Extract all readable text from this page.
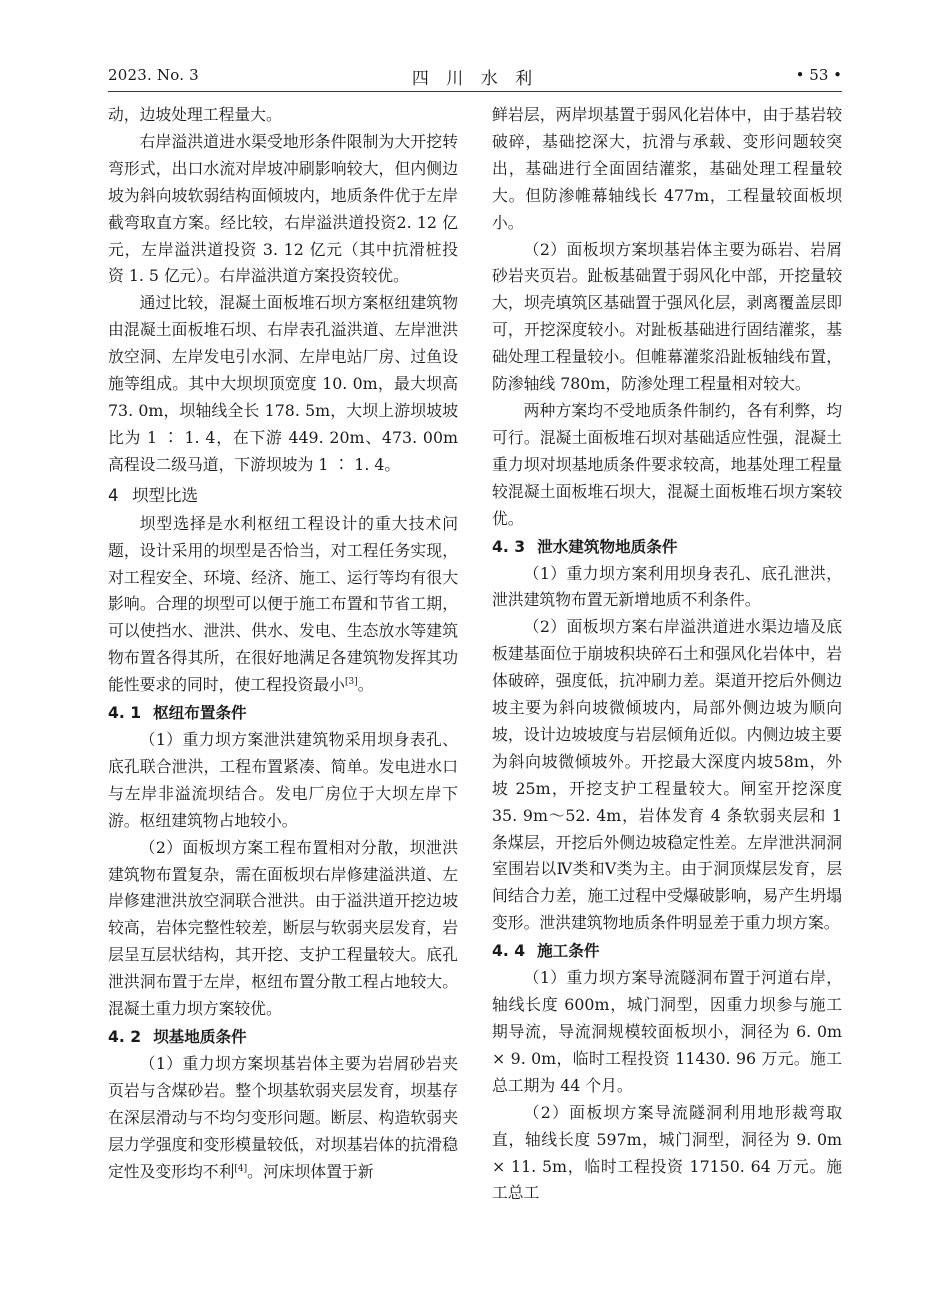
2023. No. 3	四 川 水 利	• 53 •

动，边坡处理工程量大。

右岸溢洪道进水渠受地形条件限制为大开挖转弯形式，出口水流对岸坡冲刷影响较大，但内侧边坡为斜向坡软弱结构面倾坡内，地质条件优于左岸截弯取直方案。经比较，右岸溢洪道投资2. 12 亿元，左岸溢洪道投资 3. 12 亿元（其中抗滑桩投资 1. 5 亿元）。右岸溢洪道方案投资较优。

通过比较，混凝土面板堆石坝方案枢纽建筑物由混凝土面板堆石坝、右岸表孔溢洪道、左岸泄洪放空洞、左岸发电引水洞、左岸电站厂房、过鱼设施等组成。其中大坝坝顶宽度 10. 0m，最大坝高 73. 0m，坝轴线全长 178. 5m，大坝上游坝坡坡比为 1 ∶ 1. 4，在下游 449. 20m、473. 00m 高程设二级马道，下游坝坡为 1 ∶ 1. 4。

4 坝型比选

坝型选择是水利枢纽工程设计的重大技术问题，设计采用的坝型是否恰当，对工程任务实现，对工程安全、环境、经济、施工、运行等均有很大影响。合理的坝型可以便于施工布置和节省工期，可以使挡水、泄洪、供水、发电、生态放水等建筑物布置各得其所，在很好地满足各建筑物发挥其功能性要求的同时，使工程投资最小[3]。

4. 1 枢纽布置条件

（1）重力坝方案泄洪建筑物采用坝身表孔、底孔联合泄洪，工程布置紧凑、简单。发电进水口与左岸非溢流坝结合。发电厂房位于大坝左岸下游。枢纽建筑物占地较小。

（2）面板坝方案工程布置相对分散，坝泄洪建筑物布置复杂，需在面板坝右岸修建溢洪道、左岸修建泄洪放空洞联合泄洪。由于溢洪道开挖边坡较高，岩体完整性较差，断层与软弱夹层发育，岩层呈互层状结构，其开挖、支护工程量较大。底孔泄洪洞布置于左岸，枢纽布置分散工程占地较大。混凝土重力坝方案较优。

4. 2 坝基地质条件

（1）重力坝方案坝基岩体主要为岩屑砂岩夹页岩与含煤砂岩。整个坝基软弱夹层发育，坝基存在深层滑动与不均匀变形问题。断层、构造软弱夹层力学强度和变形模量较低，对坝基岩体的抗滑稳定性及变形均不利[4]。河床坝体置于新

鲜岩层，两岸坝基置于弱风化岩体中，由于基岩较破碎，基础挖深大，抗滑与承载、变形问题较突出，基础进行全面固结灌浆，基础处理工程量较大。但防渗帷幕轴线长 477m，工程量较面板坝小。

（2）面板坝方案坝基岩体主要为砾岩、岩屑砂岩夹页岩。趾板基础置于弱风化中部，开挖量较大，坝壳填筑区基础置于强风化层，剥离覆盖层即可，开挖深度较小。对趾板基础进行固结灌浆，基础处理工程量较小。但帷幕灌浆沿趾板轴线布置，防渗轴线 780m，防渗处理工程量相对较大。

两种方案均不受地质条件制约，各有利弊，均可行。混凝土面板堆石坝对基础适应性强，混凝土重力坝对坝基地质条件要求较高，地基处理工程量较混凝土面板堆石坝大，混凝土面板堆石坝方案较优。

4. 3 泄水建筑物地质条件

（1）重力坝方案利用坝身表孔、底孔泄洪，泄洪建筑物布置无新增地质不利条件。

（2）面板坝方案右岸溢洪道进水渠边墙及底板建基面位于崩坡积块碎石土和强风化岩体中，岩体破碎，强度低，抗冲刷力差。渠道开挖后外侧边坡主要为斜向坡微倾坡内，局部外侧边坡为顺向坡，设计边坡坡度与岩层倾角近似。内侧边坡主要为斜向坡微倾坡外。开挖最大深度内坡58m，外坡 25m，开挖支护工程量较大。闸室开挖深度 35. 9m～52. 4m，岩体发育 4 条软弱夹层和 1 条煤层，开挖后外侧边坡稳定性差。左岸泄洪洞洞室围岩以Ⅳ类和Ⅴ类为主。由于洞顶煤层发育，层间结合力差，施工过程中受爆破影响，易产生坍塌变形。泄洪建筑物地质条件明显差于重力坝方案。

4. 4 施工条件

（1）重力坝方案导流隧洞布置于河道右岸，轴线长度 600m，城门洞型，因重力坝参与施工期导流，导流洞规模较面板坝小，洞径为 6. 0m × 9. 0m，临时工程投资 11430. 96 万元。施工总工期为 44 个月。

（2）面板坝方案导流隧洞利用地形裁弯取直，轴线长度 597m，城门洞型，洞径为 9. 0m × 11. 5m，临时工程投资 17150. 64 万元。施工总工
